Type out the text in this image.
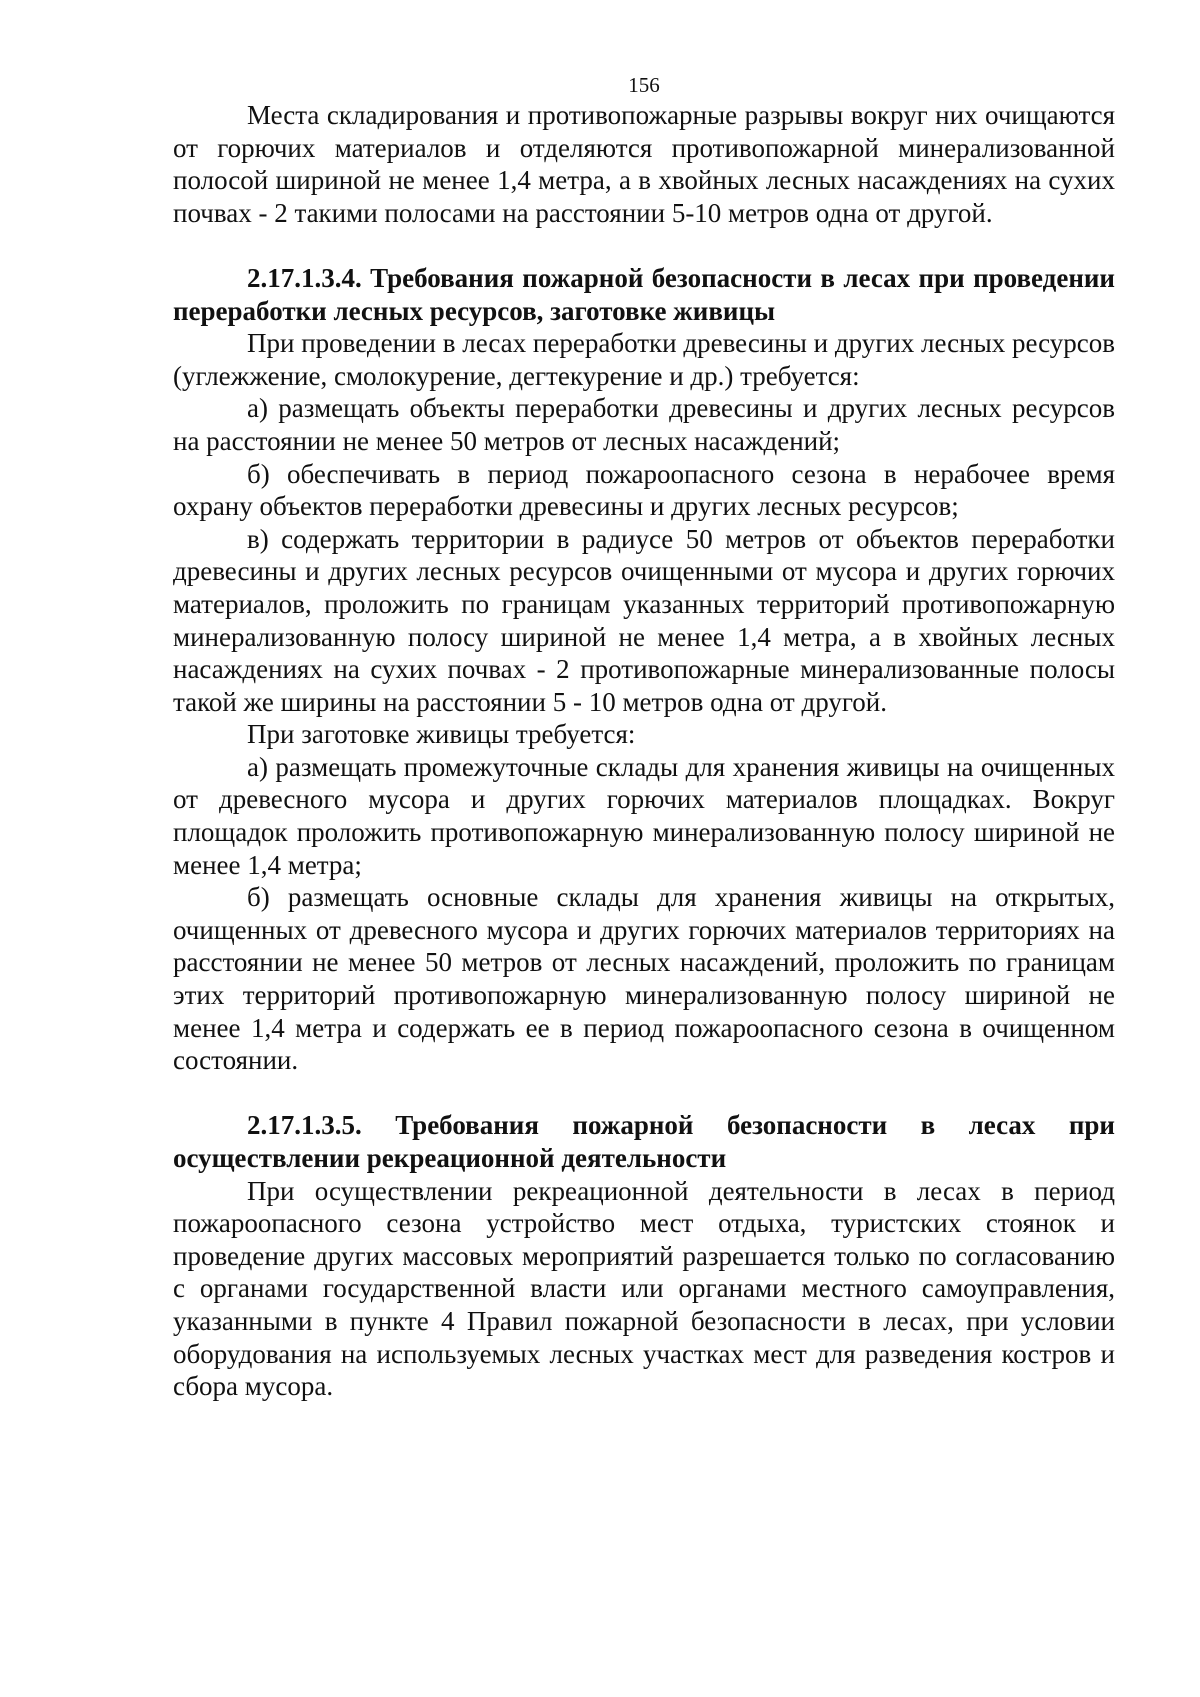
156

Места складирования и противопожарные разрывы вокруг них очищаются от горючих материалов и отделяются противопожарной минерализованной полосой шириной не менее 1,4 метра, а в хвойных лесных насаждениях на сухих почвах - 2 такими полосами на расстоянии 5-10 метров одна от другой.

2.17.1.3.4. Требования пожарной безопасности в лесах при проведении переработки лесных ресурсов, заготовке живицы

При проведении в лесах переработки древесины и других лесных ресурсов (углежжение, смолокурение, дегтекурение и др.) требуется:

а) размещать объекты переработки древесины и других лесных ресурсов на расстоянии не менее 50 метров от лесных насаждений;

б) обеспечивать в период пожароопасного сезона в нерабочее время охрану объектов переработки древесины и других лесных ресурсов;

в) содержать территории в радиусе 50 метров от объектов переработки древесины и других лесных ресурсов очищенными от мусора и других горючих материалов, проложить по границам указанных территорий противопожарную минерализованную полосу шириной не менее 1,4 метра, а в хвойных лесных насаждениях на сухих почвах - 2 противопожарные минерализованные полосы такой же ширины на расстоянии 5 - 10 метров одна от другой.

При заготовке живицы требуется:

а) размещать промежуточные склады для хранения живицы на очищенных от древесного мусора и других горючих материалов площадках. Вокруг площадок проложить противопожарную минерализованную полосу шириной не менее 1,4 метра;

б) размещать основные склады для хранения живицы на открытых, очищенных от древесного мусора и других горючих материалов территориях на расстоянии не менее 50 метров от лесных насаждений, проложить по границам этих территорий противопожарную минерализованную полосу шириной не менее 1,4 метра и содержать ее в период пожароопасного сезона в очищенном состоянии.

2.17.1.3.5. Требования пожарной безопасности в лесах при осуществлении рекреационной деятельности

При осуществлении рекреационной деятельности в лесах в период пожароопасного сезона устройство мест отдыха, туристских стоянок и проведение других массовых мероприятий разрешается только по согласованию с органами государственной власти или органами местного самоуправления, указанными в пункте 4 Правил пожарной безопасности в лесах, при условии оборудования на используемых лесных участках мест для разведения костров и сбора мусора.
